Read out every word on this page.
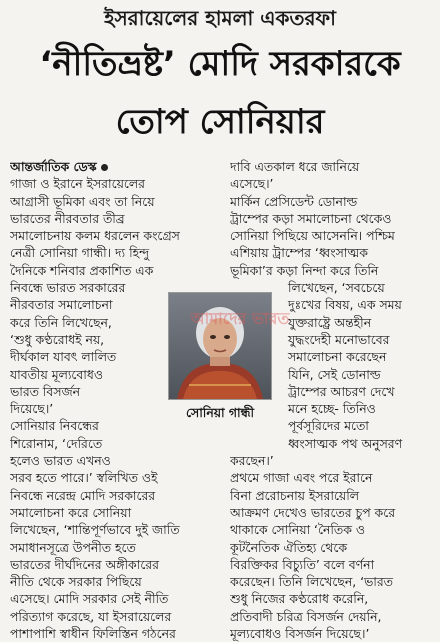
ইসরায়েলের হামলা একতরফা
‘নীতিভ্রষ্ট’ মোদি সরকারকে
তোপ সোনিয়ার
আন্তর্জাতিক ডেস্ক
গাজা ও ইরানে ইসরায়েলের
আগ্রাসী ভূমিকা এবং তা নিয়ে
ভারতের নীরবতার তীব্র
সমালোচনায় কলম ধরলেন কংগ্রেস
নেত্রী সোনিয়া গান্ধী। দ্য হিন্দু
দৈনিকে শনিবার প্রকাশিত এক
নিবন্ধে ভারত সরকারের
নীরবতার সমালোচনা
করে তিনি লিখেছেন,
‘শুধু কণ্ঠরোধই নয়,
দীর্ঘকাল যাবৎ লালিত
যাবতীয় মূল্যবোধও
ভারত বিসর্জন
দিয়েছে।’
সোনিয়ার নিবন্ধের
শিরোনাম, ‘দেরিতে
হলেও ভারত এখনও
সরব হতে পারে।’ স্বলিখিত ওই
নিবন্ধে নরেন্দ্র মোদি সরকারের
সমালোচনা করে সোনিয়া
লিখেছেন, ‘শান্তিপূর্ণভাবে দুই জাতি
সমাধানসূত্রে উপনীত হতে
ভারতের দীর্ঘদিনের অঙ্গীকারের
নীতি থেকে সরকার পিছিয়ে
এসেছে। মোদি সরকার সেই নীতি
পরিত্যাগ করেছে, যা ইসরায়েলের
পাশাপাশি স্বাধীন ফিলিস্তিন গঠনের
দাবি এতকাল ধরে জানিয়ে
এসেছে।’
মার্কিন প্রেসিডেন্ট ডোনাল্ড
ট্রাম্পের কড়া সমালোচনা থেকেও
সোনিয়া পিছিয়ে আসেননি। পশ্চিম
এশিয়ায় ট্রাম্পের ‘ধ্বংসাত্মক
ভূমিকা’র কড়া নিন্দা করে তিনি
লিখেছেন, ‘সবচেয়ে
দুঃখের বিষয়, এক সময়
যুক্তরাষ্ট্রে অন্তহীন
যুদ্ধংদেহী মনোভাবের
সমালোচনা করেছেন
যিনি, সেই ডোনাল্ড
ট্রাম্পের আচরণ দেখে
মনে হচ্ছে- তিনিও
পূর্বসূরিদের মতো
ধ্বংসাত্মক পথ অনুসরণ
করছেন।’
প্রথমে গাজা এবং পরে ইরানে
বিনা প্ররোচনায় ইসরায়েলি
আক্রমণ দেখেও ভারতের চুপ করে
থাকাকে সোনিয়া ‘নৈতিক ও
কূটনৈতিক ঐতিহ্য থেকে
বিরক্তিকর বিচ্যুতি’ বলে বর্ণনা
করেছেন। তিনি লিখেছেন, ‘ভারত
শুধু নিজের কণ্ঠরোধ করেনি,
প্রতিবাদী চরিত্র বিসর্জন দেয়নি,
মূল্যবোধও বিসর্জন দিয়েছে।’
আমাদের ভারত
সোনিয়া গান্ধী
